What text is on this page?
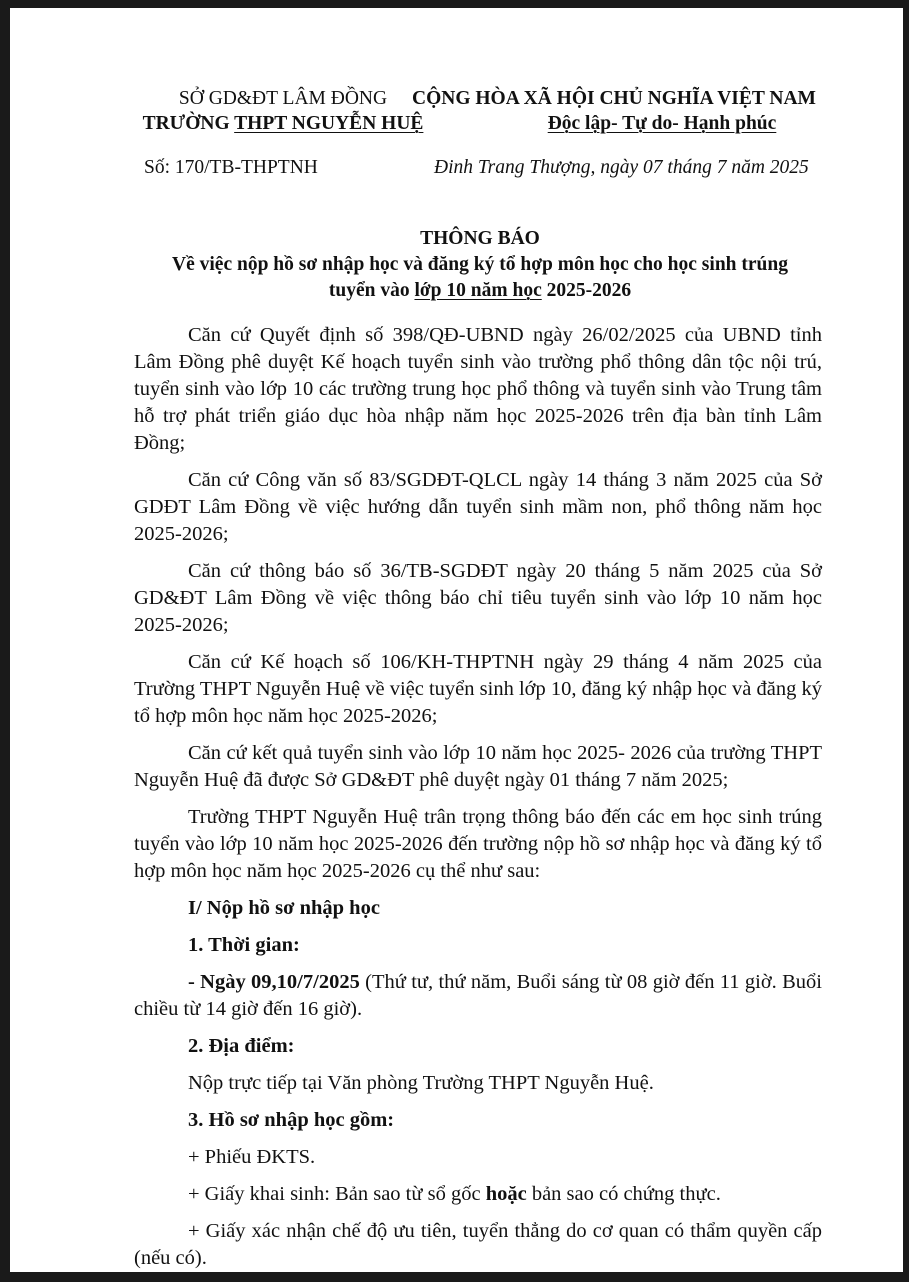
SỞ GD&ĐT LÂM ĐỒNG
TRƯỜNG THPT NGUYỄN HUỆ
CỘNG HÒA XÃ HỘI CHỦ NGHĨA VIỆT NAM
Độc lập- Tự do- Hạnh phúc
Số: 170/TB-THPTNH	Đinh Trang Thượng, ngày 07 tháng 7 năm 2025
THÔNG BÁO
Về việc nộp hồ sơ nhập học và đăng ký tổ hợp môn học cho học sinh trúng
tuyển vào lớp 10 năm học 2025-2026

Căn cứ Quyết định số 398/QĐ-UBND ngày 26/02/2025 của UBND tỉnh Lâm Đồng phê duyệt Kế hoạch tuyển sinh vào trường phổ thông dân tộc nội trú, tuyển sinh vào lớp 10 các trường trung học phổ thông và tuyển sinh vào Trung tâm hỗ trợ phát triển giáo dục hòa nhập năm học 2025-2026 trên địa bàn tỉnh Lâm Đồng;

Căn cứ Công văn số 83/SGDĐT-QLCL ngày 14 tháng 3 năm 2025 của Sở GDĐT Lâm Đồng về việc hướng dẫn tuyển sinh mầm non, phổ thông năm học 2025-2026;

Căn cứ thông báo số 36/TB-SGDĐT ngày 20 tháng 5 năm 2025 của Sở GD&ĐT Lâm Đồng về việc thông báo chỉ tiêu tuyển sinh vào lớp 10 năm học 2025-2026;

Căn cứ Kế hoạch số 106/KH-THPTNH ngày 29 tháng 4 năm 2025 của Trường THPT Nguyễn Huệ về việc tuyển sinh lớp 10, đăng ký nhập học và đăng ký tổ hợp môn học năm học 2025-2026;

Căn cứ kết quả tuyển sinh vào lớp 10 năm học 2025- 2026 của trường THPT Nguyễn Huệ đã được Sở GD&ĐT phê duyệt ngày 01 tháng 7 năm 2025;

Trường THPT Nguyễn Huệ trân trọng thông báo đến các em học sinh trúng tuyển vào lớp 10 năm học 2025-2026 đến trường nộp hồ sơ nhập học và đăng ký tổ hợp môn học năm học 2025-2026 cụ thể như sau:

I/ Nộp hồ sơ nhập học

1. Thời gian:

- Ngày 09,10/7/2025 (Thứ tư, thứ năm, Buổi sáng từ 08 giờ đến 11 giờ. Buổi chiều từ 14 giờ đến 16 giờ).

2. Địa điểm:

Nộp trực tiếp tại Văn phòng Trường THPT Nguyễn Huệ.

3. Hồ sơ nhập học gồm:

+ Phiếu ĐKTS.

+ Giấy khai sinh: Bản sao từ sổ gốc hoặc bản sao có chứng thực.

+ Giấy xác nhận chế độ ưu tiên, tuyển thẳng do cơ quan có thẩm quyền cấp (nếu có).
